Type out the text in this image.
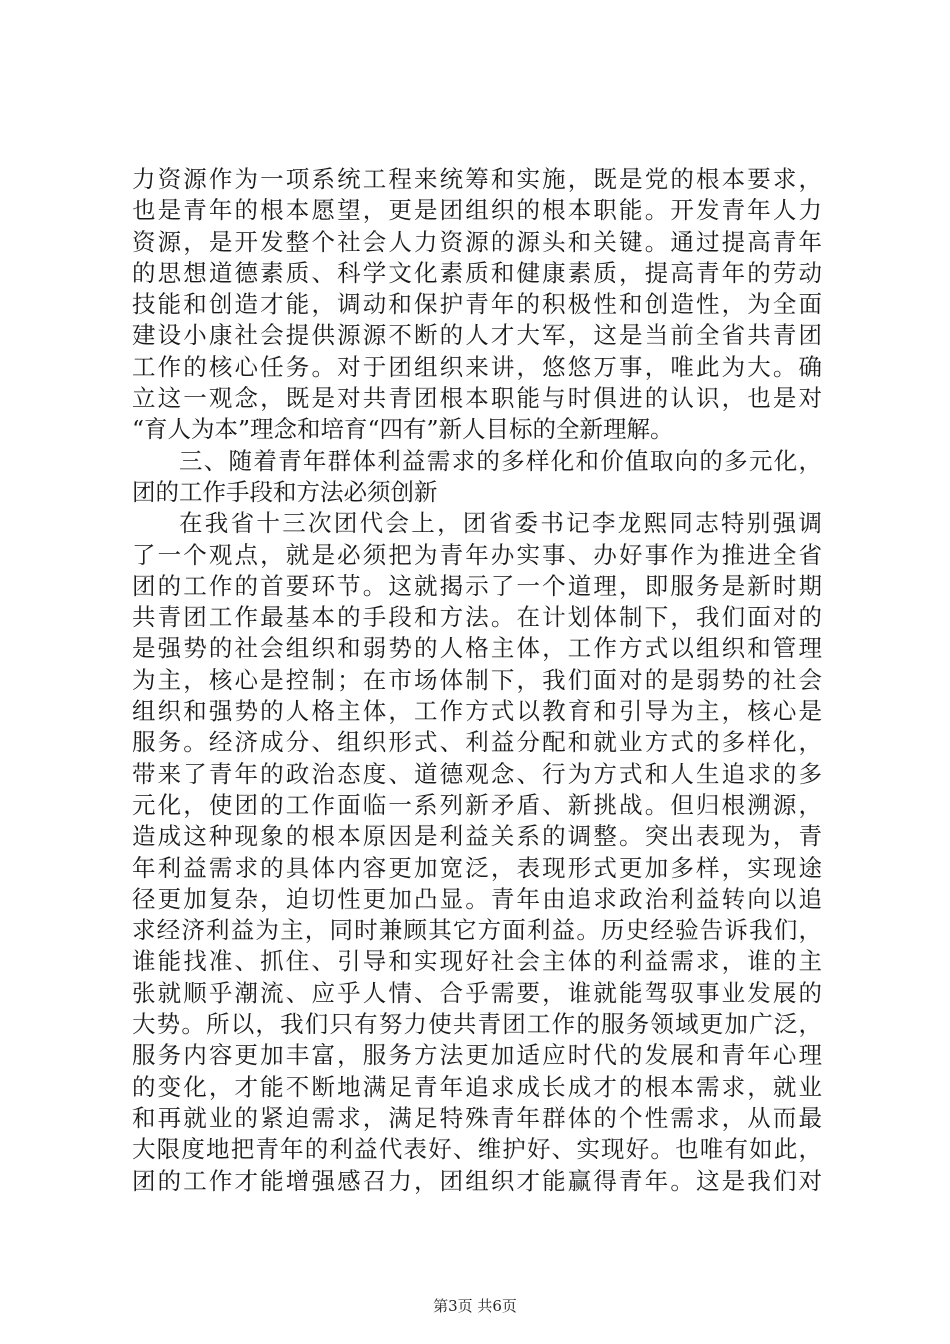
力资源作为一项系统工程来统筹和实施，既是党的根本要求，
也是青年的根本愿望，更是团组织的根本职能。开发青年人力
资源，是开发整个社会人力资源的源头和关键。通过提高青年
的思想道德素质、科学文化素质和健康素质，提高青年的劳动
技能和创造才能，调动和保护青年的积极性和创造性，为全面
建设小康社会提供源源不断的人才大军，这是当前全省共青团
工作的核心任务。对于团组织来讲，悠悠万事，唯此为大。确
立这一观念，既是对共青团根本职能与时俱进的认识，也是对
“育人为本”理念和培育“四有”新人目标的全新理解。
三、随着青年群体利益需求的多样化和价值取向的多元化，
团的工作手段和方法必须创新
在我省十三次团代会上，团省委书记李龙熙同志特别强调
了一个观点，就是必须把为青年办实事、办好事作为推进全省
团的工作的首要环节。这就揭示了一个道理，即服务是新时期
共青团工作最基本的手段和方法。在计划体制下，我们面对的
是强势的社会组织和弱势的人格主体，工作方式以组织和管理
为主，核心是控制；在市场体制下，我们面对的是弱势的社会
组织和强势的人格主体，工作方式以教育和引导为主，核心是
服务。经济成分、组织形式、利益分配和就业方式的多样化，
带来了青年的政治态度、道德观念、行为方式和人生追求的多
元化，使团的工作面临一系列新矛盾、新挑战。但归根溯源，
造成这种现象的根本原因是利益关系的调整。突出表现为，青
年利益需求的具体内容更加宽泛，表现形式更加多样，实现途
径更加复杂，迫切性更加凸显。青年由追求政治利益转向以追
求经济利益为主，同时兼顾其它方面利益。历史经验告诉我们，
谁能找准、抓住、引导和实现好社会主体的利益需求，谁的主
张就顺乎潮流、应乎人情、合乎需要，谁就能驾驭事业发展的
大势。所以，我们只有努力使共青团工作的服务领域更加广泛，
服务内容更加丰富，服务方法更加适应时代的发展和青年心理
的变化，才能不断地满足青年追求成长成才的根本需求，就业
和再就业的紧迫需求，满足特殊青年群体的个性需求，从而最
大限度地把青年的利益代表好、维护好、实现好。也唯有如此，
团的工作才能增强感召力，团组织才能赢得青年。这是我们对
第3页 共6页
